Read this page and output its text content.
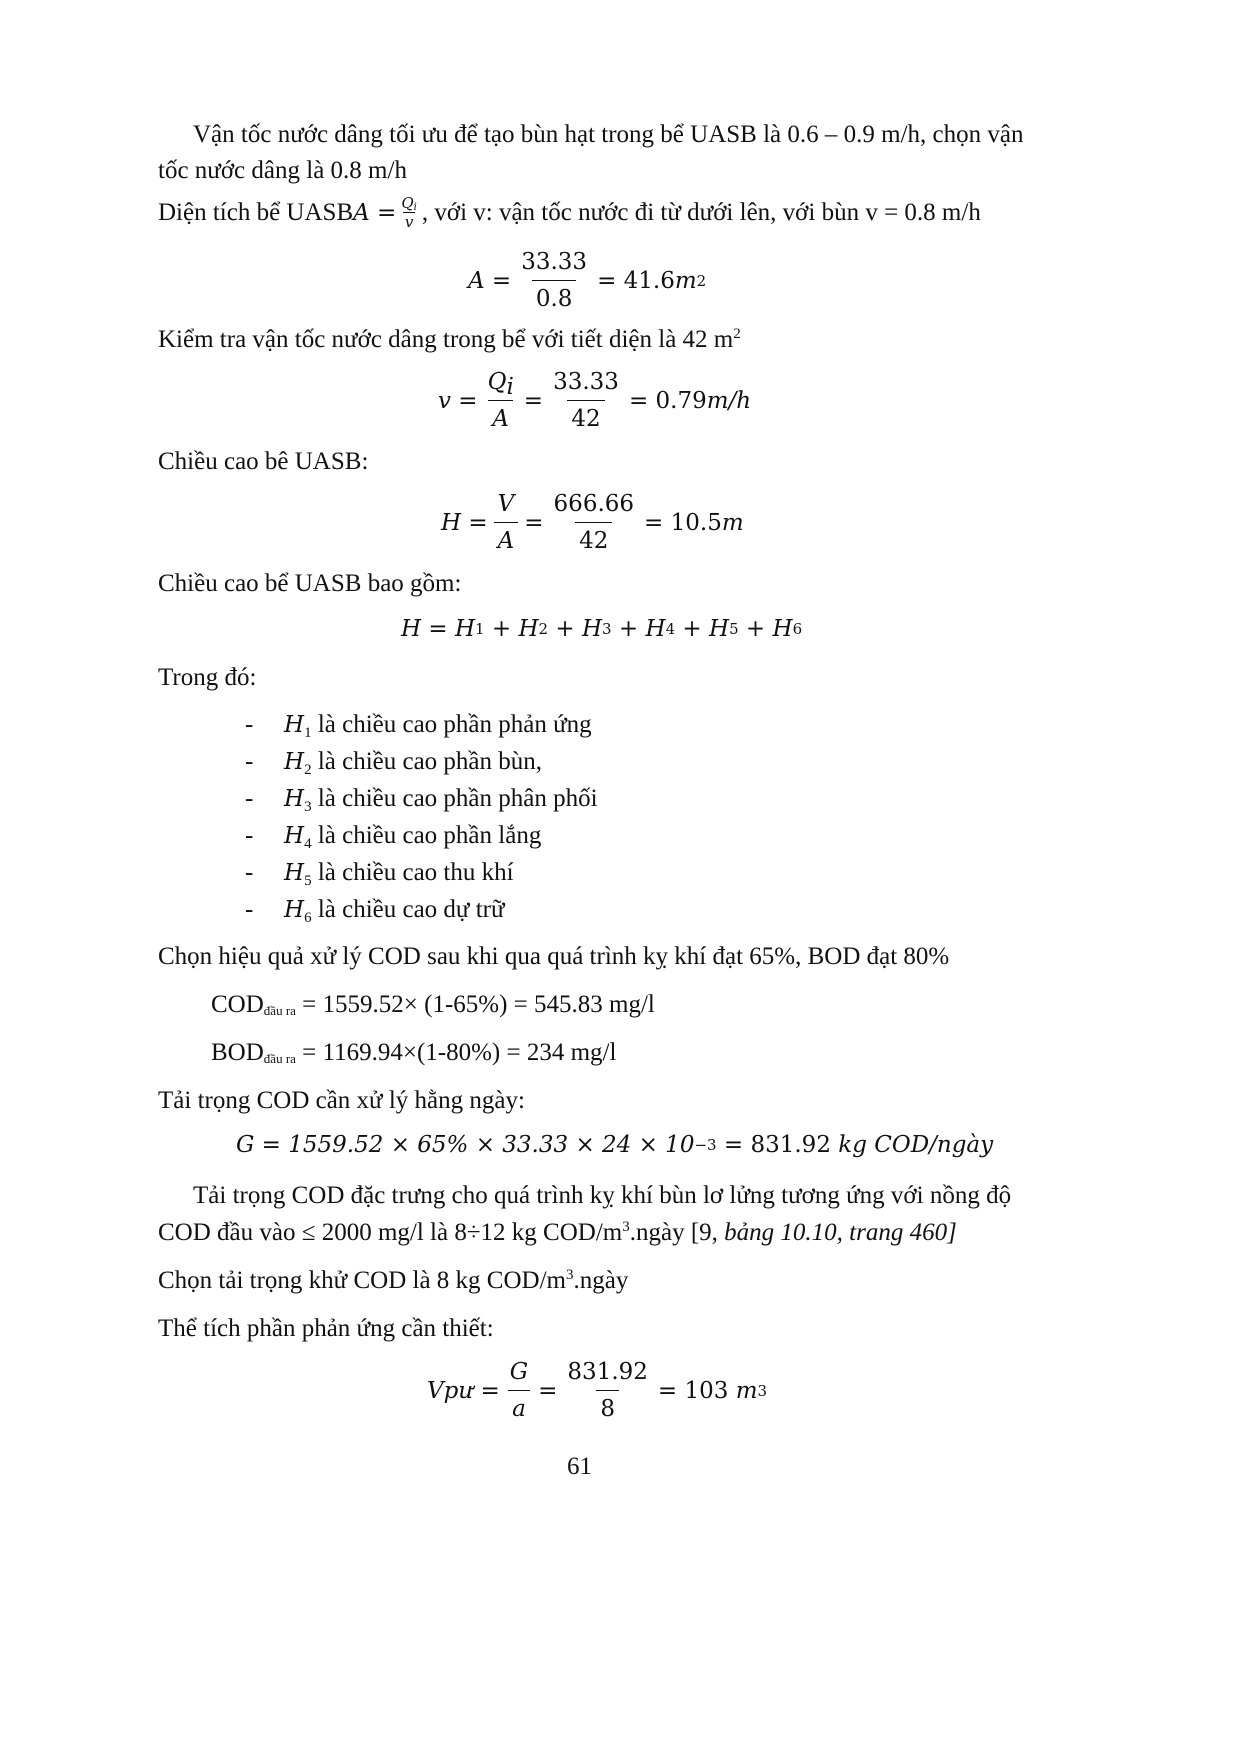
Vận tốc nước dâng tối ưu để tạo bùn hạt trong bể UASB là 0.6 – 0.9 m/h, chọn vận
tốc nước dâng là 0.8 m/h
Diện tích bể UASB $A = \frac{Q_i}{v}$ , với v: vận tốc nước đi từ dưới lên, với bùn v = 0.8 m/h
$A = \frac{33.33}{0.8} = 41.6$ m 2
Kiểm tra vận tốc nước dâng trong bể với tiết diện là 42 $m^2$
$v = \frac{Q_i}{A} = \frac{33.33}{42} = 0.79$ m/h
Chiều cao bê UASB:
$H = \frac{V}{A} = \frac{666.66}{42} = 10.5$ m
Chiều cao bể UASB bao gồm:
H =
H 1 + H 2 + H 3 + H 4 + H 5 + H 6
Trong đó:
- $H_1$ là chiều cao phần phản ứng
- $H_2$ là chiều cao phần bùn,
- $H_3$ là chiều cao phần phân phối
- $H_4$ là chiều cao phần lắng
- $H_5$ là chiều cao thu khí
- $H_6$ là chiều cao dự trữ
Chọn hiệu quả xử lý COD sau khi qua quá trình kỵ khí đạt 65%, BOD đạt 80%
CODđầu ra = 1559.52× (1-65%) = 545.83 mg/l
BODđầu ra = 1169.94×(1-80%) = 234 mg/l
Tải trọng COD cần xử lý hằng ngày:
G = 1559.52 × 65% × 33.33 × 24 × 10 −3 = 831.92 kg COD/ng ày
Tải trọng COD đặc trưng cho quá trình kỵ khí bùn lơ lửng tương ứng với nồng độ
COD đầu vào ≤ 2000 mg/l là 8÷12 kg COD/$m^3.ngày$ [9, bảng 10.10, trang 460]
Chọn tải trọng khử COD là 8 kg COD/$m^3.ngày$
Thể tích phần phản ứng cần thiết:
V pư = $\frac{G}{a} = \frac{831.92}{8} = 103$ m 3
61
